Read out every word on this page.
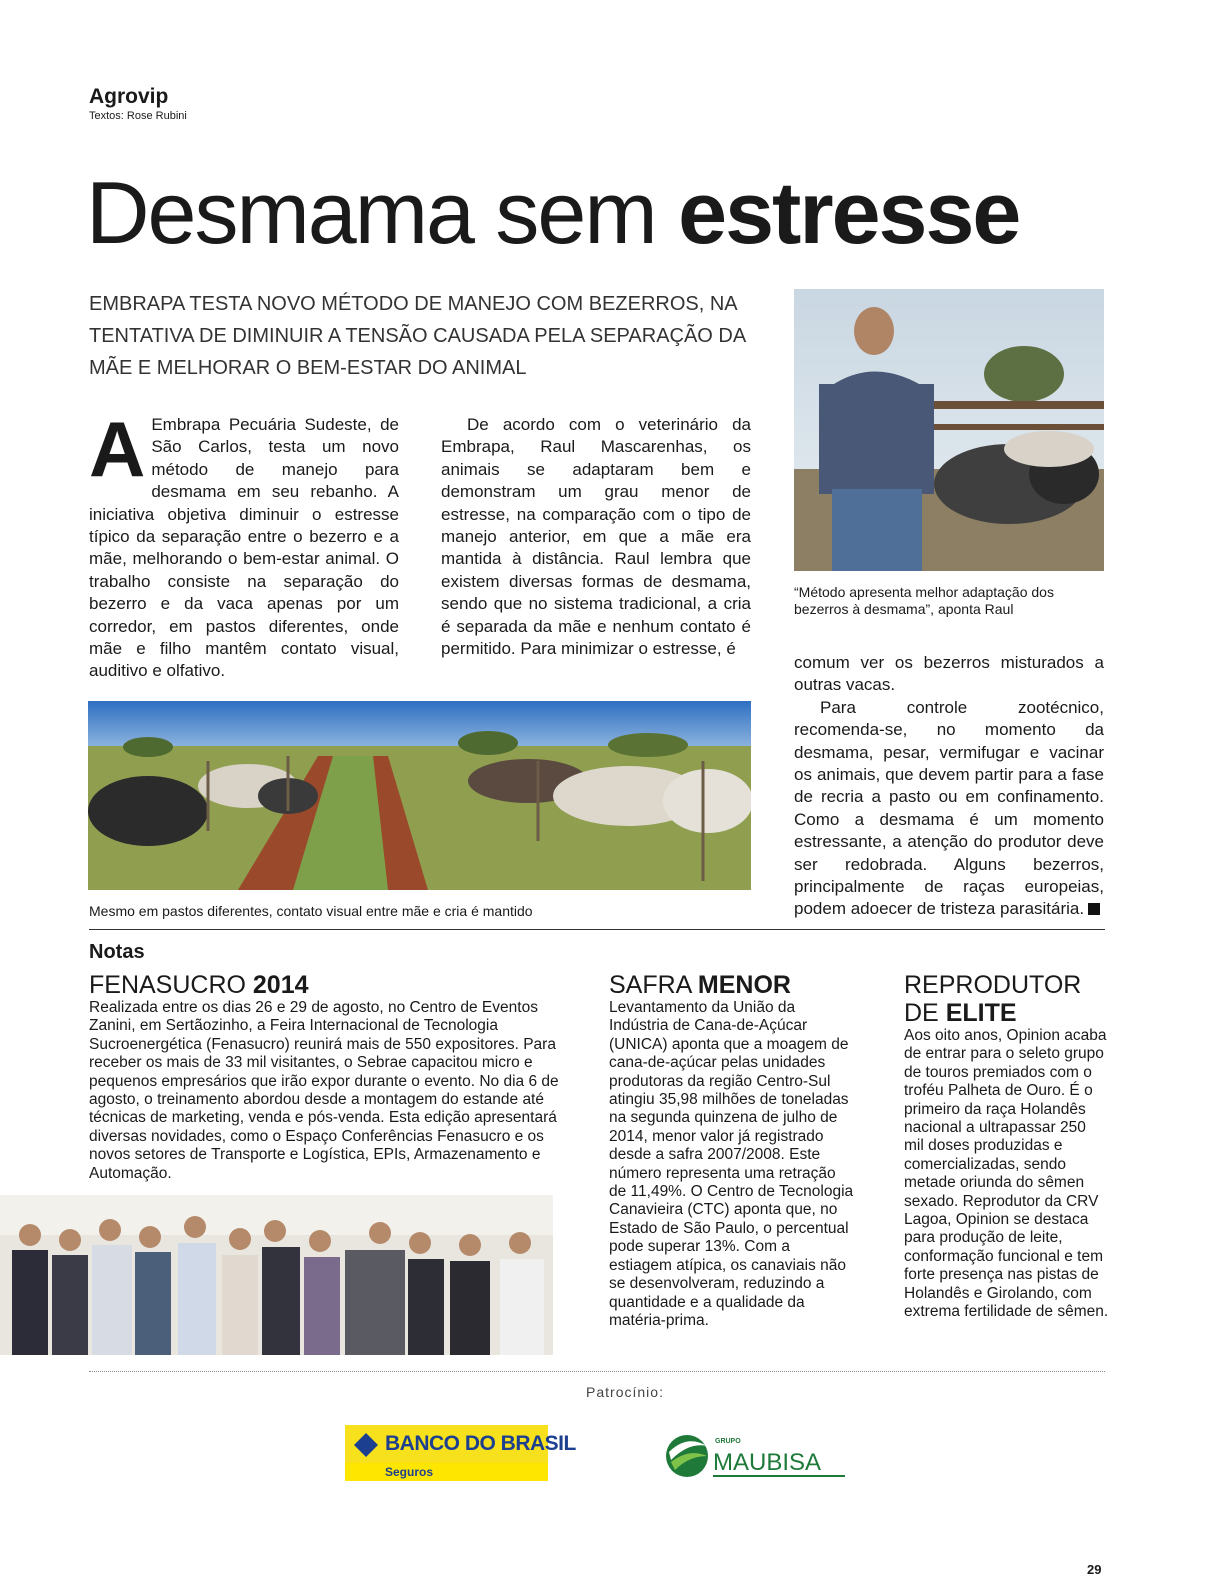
Agrovip
Textos: Rose Rubini
Desmama sem estresse
EMBRAPA TESTA NOVO MÉTODO DE MANEJO COM BEZERROS, NA TENTATIVA DE DIMINUIR A TENSÃO CAUSADA PELA SEPARAÇÃO DA MÃE E MELHORAR O BEM-ESTAR DO ANIMAL

A Embrapa Pecuária Sudeste, de São Carlos, testa um novo método de manejo para desmama em seu rebanho. A iniciativa objetiva diminuir o estresse típico da separação entre o bezerro e a mãe, melhorando o bem-estar animal. O trabalho consiste na separação do bezerro e da vaca apenas por um corredor, em pastos diferentes, onde mãe e filho mantêm contato visual, auditivo e olfativo.

De acordo com o veterinário da Embrapa, Raul Mascarenhas, os animais se adaptaram bem e demonstram um grau menor de estresse, na comparação com o tipo de manejo anterior, em que a mãe era mantida à distância. Raul lembra que existem diversas formas de desmama, sendo que no sistema tradicional, a cria é separada da mãe e nenhum contato é permitido. Para minimizar o estresse, é

“Método apresenta melhor adaptação dos bezerros à desmama”, aponta Raul

comum ver os bezerros misturados a outras vacas.

Para controle zootécnico, recomenda-se, no momento da desmama, pesar, vermifugar e vacinar os animais, que devem partir para a fase de recria a pasto ou em confinamento. Como a desmama é um momento estressante, a atenção do produtor deve ser redobrada. Alguns bezerros, principalmente de raças europeias, podem adoecer de tristeza parasitária.

Mesmo em pastos diferentes, contato visual entre mãe e cria é mantido
Notas
FENASUCRO 2014
Realizada entre os dias 26 e 29 de agosto, no Centro de Eventos Zanini, em Sertãozinho, a Feira Internacional de Tecnologia Sucroenergética (Fenasucro) reunirá mais de 550 expositores. Para receber os mais de 33 mil visitantes, o Sebrae capacitou micro e pequenos empresários que irão expor durante o evento. No dia 6 de agosto, o treinamento abordou desde a montagem do estande até técnicas de marketing, venda e pós-venda. Esta edição apresentará diversas novidades, como o Espaço Conferências Fenasucro e os novos setores de Transporte e Logística, EPIs, Armazenamento e Automação.
SAFRA MENOR
Levantamento da União da Indústria de Cana-de-Açúcar (UNICA) aponta que a moagem de cana-de-açúcar pelas unidades produtoras da região Centro-Sul atingiu 35,98 milhões de toneladas na segunda quinzena de julho de 2014, menor valor já registrado desde a safra 2007/2008. Este número representa uma retração de 11,49%. O Centro de Tecnologia Canavieira (CTC) aponta que, no Estado de São Paulo, o percentual pode superar 13%. Com a estiagem atípica, os canaviais não se desenvolveram, reduzindo a quantidade e a qualidade da matéria-prima.
REPRODUTOR DE ELITE
Aos oito anos, Opinion acaba de entrar para o seleto grupo de touros premiados com o troféu Palheta de Ouro. É o primeiro da raça Holandês nacional a ultrapassar 250 mil doses produzidas e comercializadas, sendo metade oriunda do sêmen sexado. Reprodutor da CRV Lagoa, Opinion se destaca para produção de leite, conformação funcional e tem forte presença nas pistas de Holandês e Girolando, com extrema fertilidade de sêmen.
Patrocínio:
BANCO DO BRASIL
Seguros
GRUPO
MAUBISA
29
